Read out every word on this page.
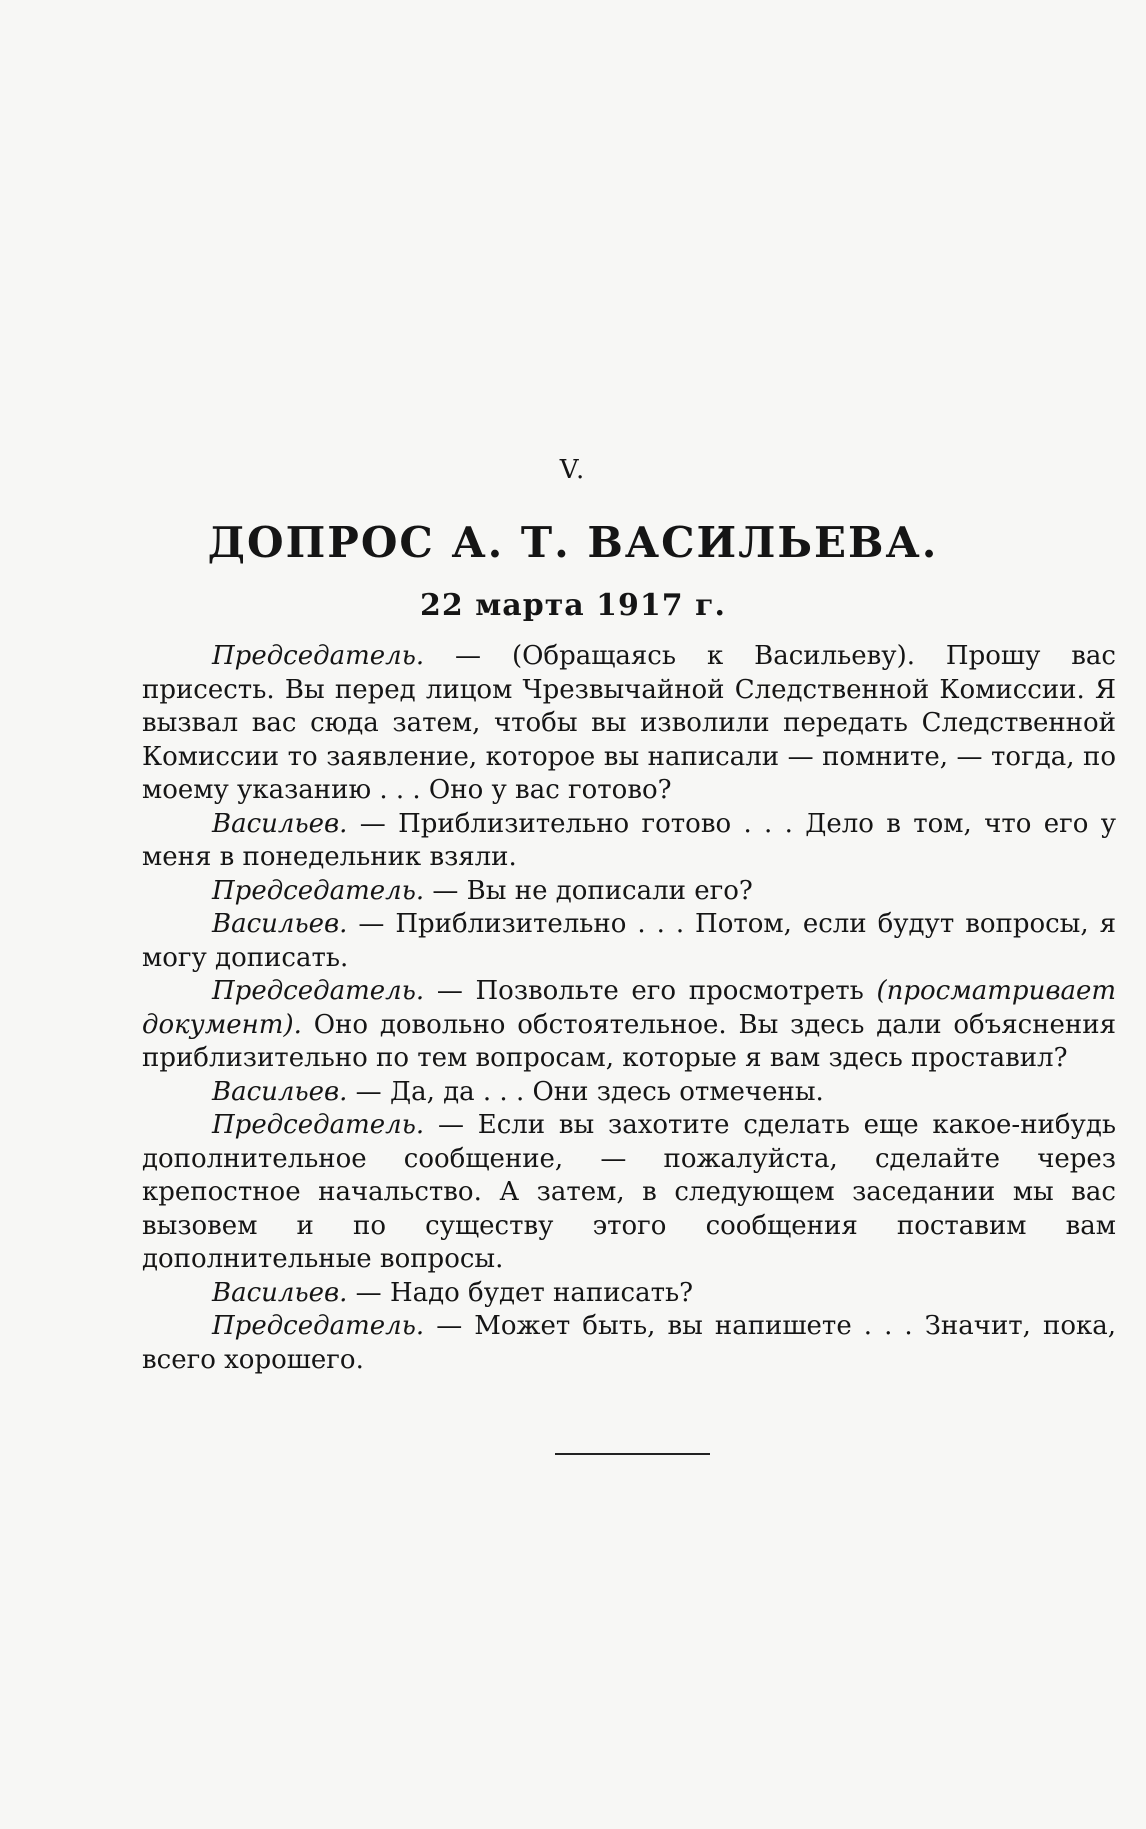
V.
ДОПРОС А. Т. ВАСИЛЬЕВА.
22 марта 1917 г.

Председатель. — (Обращаясь к Васильеву). Прошу вас присесть. Вы перед лицом Чрезвычайной Следственной Комиссии. Я вызвал вас сюда затем, чтобы вы изволили передать Следственной Комиссии то заявление, которое вы написали — помните, — тогда, по моему указанию . . . Оно у вас готово?

Васильев. — Приблизительно готово . . . Дело в том, что его у меня в понедельник взяли.

Председатель. — Вы не дописали его?

Васильев. — Приблизительно . . . Потом, если будут вопросы, я могу дописать.

Председатель. — Позвольте его просмотреть (просматривает документ). Оно довольно обстоятельное. Вы здесь дали объяснения приблизительно по тем вопросам, которые я вам здесь проставил?

Васильев. — Да, да . . . Они здесь отмечены.

Председатель. — Если вы захотите сделать еще какое-нибудь дополнительное сообщение, — пожалуйста, сделайте через крепостное начальство. А затем, в следующем заседании мы вас вызовем и по существу этого сообщения поставим вам дополнительные вопросы.

Васильев. — Надо будет написать?

Председатель. — Может быть, вы напишете . . . Значит, пока, всего хорошего.
